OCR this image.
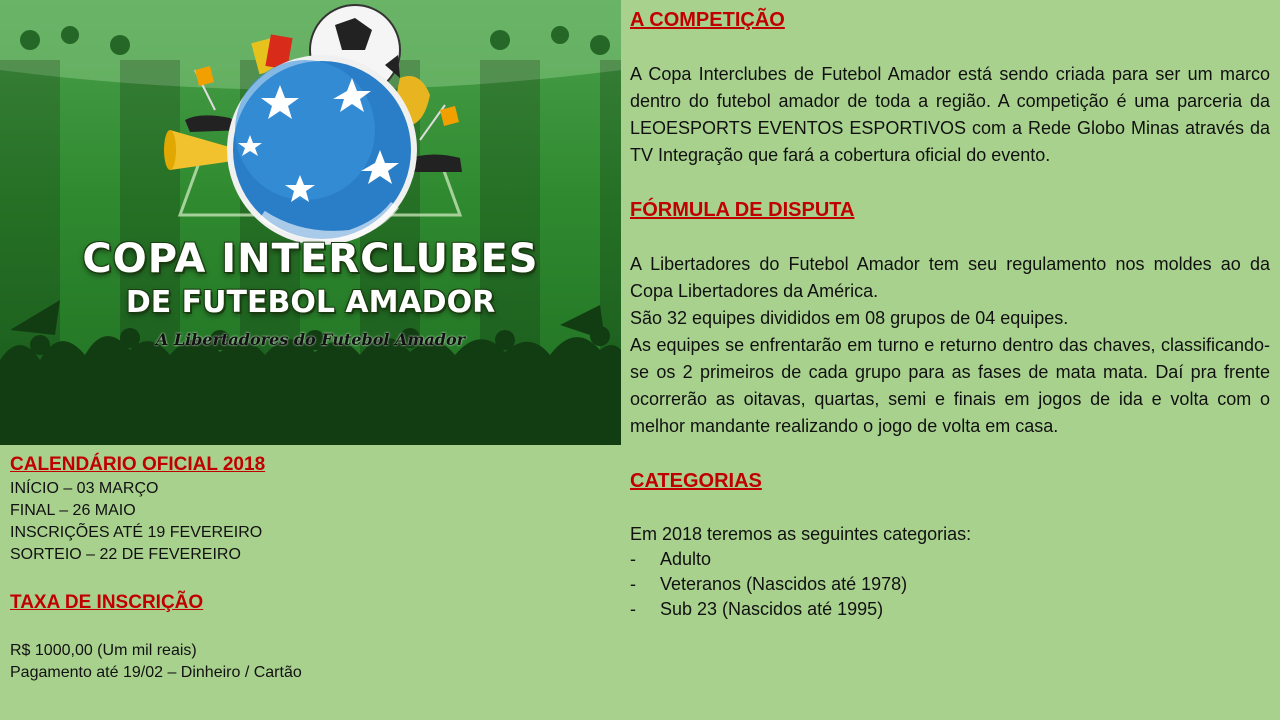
COPA INTERCLUBES
DE FUTEBOL AMADOR
A Libertadores do Futebol Amador
CALENDÁRIO OFICIAL 2018
INÍCIO – 03 MARÇO
FINAL – 26 MAIO
INSCRIÇÕES ATÉ 19 FEVEREIRO
SORTEIO – 22 DE FEVEREIRO
TAXA DE INSCRIÇÃO
R$ 1000,00 (Um mil reais)
Pagamento até 19/02 – Dinheiro / Cartão
A COMPETIÇÃO

A Copa Interclubes de Futebol Amador está sendo criada para ser um marco dentro do futebol amador de toda a região. A competição é uma parceria da LEOESPORTS EVENTOS ESPORTIVOS com a Rede Globo Minas através da TV Integração que fará a cobertura oficial do evento.

FÓRMULA DE DISPUTA

A Libertadores do Futebol Amador tem seu regulamento nos moldes ao da Copa Libertadores da América.

São 32 equipes divididos em 08 grupos de 04 equipes.

As equipes se enfrentarão em turno e returno dentro das chaves, classificando-se os 2 primeiros de cada grupo para as fases de mata mata. Daí pra frente ocorrerão as oitavas, quartas, semi e finais em jogos de ida e volta com o melhor mandante realizando o jogo de volta em casa.

CATEGORIAS
Em 2018 teremos as seguintes categorias:
-	Adulto
-	Veteranos (Nascidos até 1978)
-	Sub 23 (Nascidos até 1995)
